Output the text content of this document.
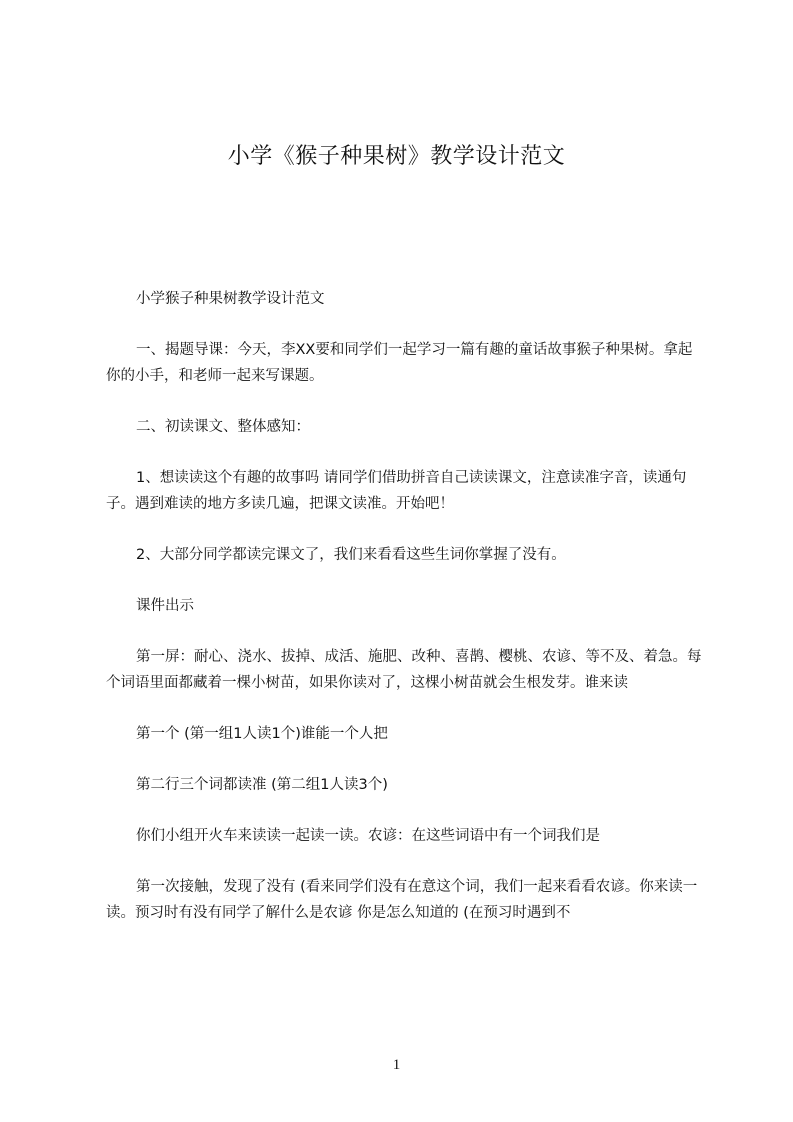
小学《猴子种果树》教学设计范文

小学猴子种果树教学设计范文

一、揭题导课：今天，李XX要和同学们一起学习一篇有趣的童话故事猴子种果树。拿起你的小手，和老师一起来写课题。

二、初读课文、整体感知：

1、想读读这个有趣的故事吗 请同学们借助拼音自己读读课文，注意读准字音，读通句子。遇到难读的地方多读几遍，把课文读准。开始吧！

2、大部分同学都读完课文了，我们来看看这些生词你掌握了没有。

课件出示

第一屏：耐心、浇水、拔掉、成活、施肥、改种、喜鹊、樱桃、农谚、等不及、着急。每个词语里面都藏着一棵小树苗，如果你读对了，这棵小树苗就会生根发芽。谁来读

第一个 (第一组1人读1个)谁能一个人把

第二行三个词都读准 (第二组1人读3个)

你们小组开火车来读读一起读一读。农谚：在这些词语中有一个词我们是

第一次接触，发现了没有 (看来同学们没有在意这个词，我们一起来看看农谚。你来读一读。预习时有没有同学了解什么是农谚 你是怎么知道的 (在预习时遇到不

1
